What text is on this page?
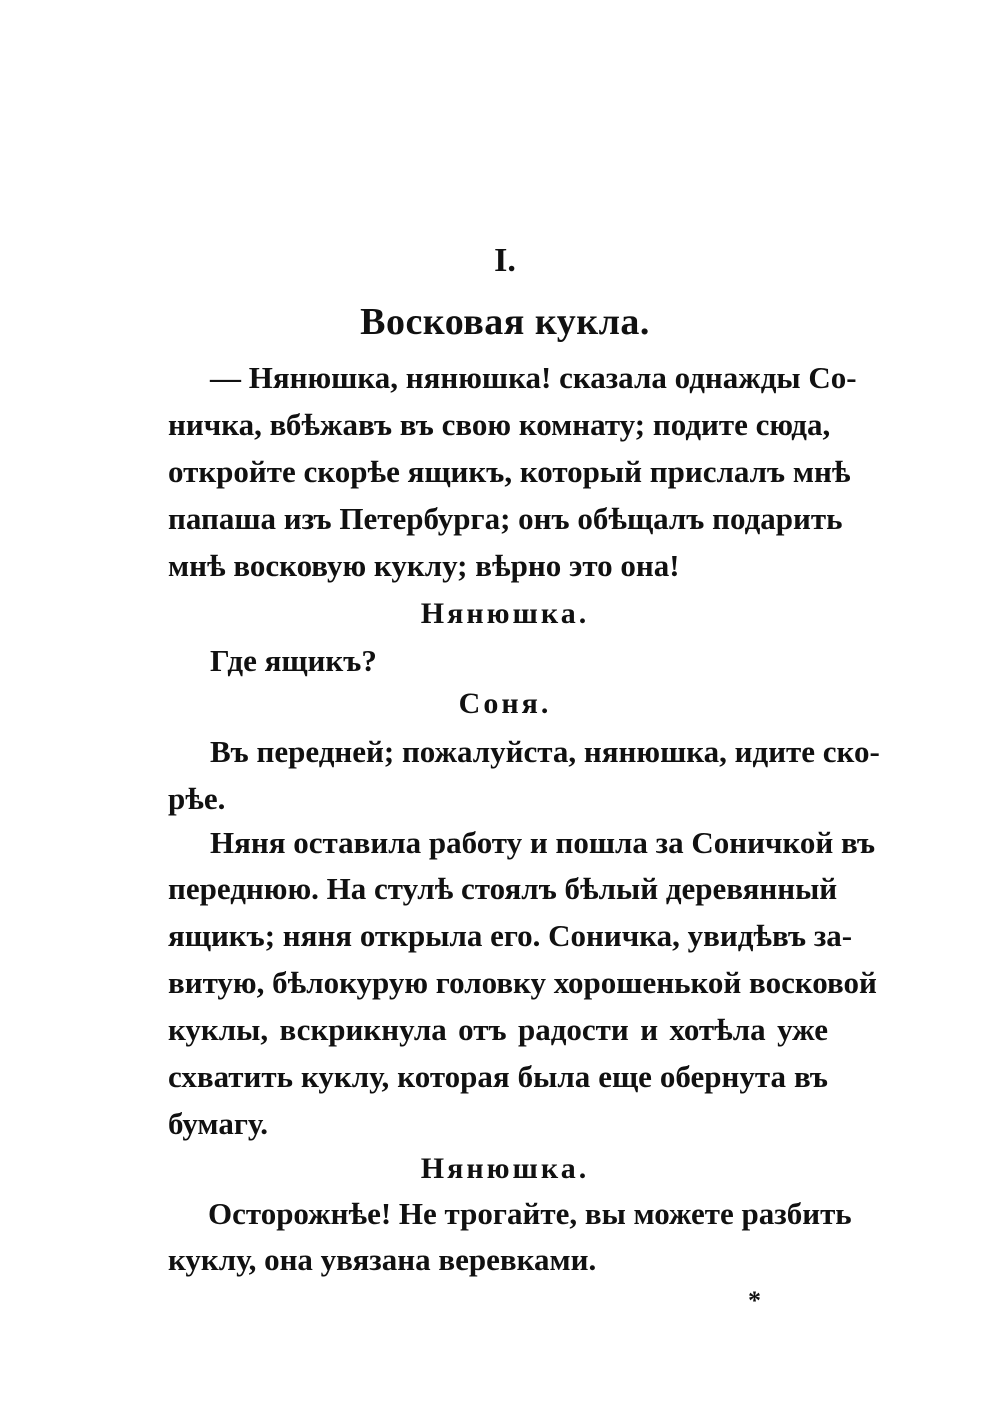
I.
Восковая кукла.
— Нянюшка, нянюшка! сказала однажды Со-
ничка, вбѣжавъ въ свою комнату; подите сюда,
откройте скорѣе ящикъ, который прислалъ мнѣ
папаша изъ Петербурга; онъ обѣщалъ подарить
мнѣ восковую куклу; вѣрно это она!
Нянюшка.
Где ящикъ?
Соня.
Въ передней; пожалуйста, нянюшка, идите ско-
рѣе.
Няня оставила работу и пошла за Соничкой въ
переднюю. На стулѣ стоялъ бѣлый деревянный
ящикъ; няня открыла его. Соничка, увидѣвъ за-
витую, бѣлокурую головку хорошенькой восковой
куклы, вскрикнула отъ радости и хотѣла уже
схватить куклу, которая была еще обернута въ
бумагу.
Нянюшка.
Осторожнѣе! Не трогайте, вы можете разбить
куклу, она увязана веревками.
*
